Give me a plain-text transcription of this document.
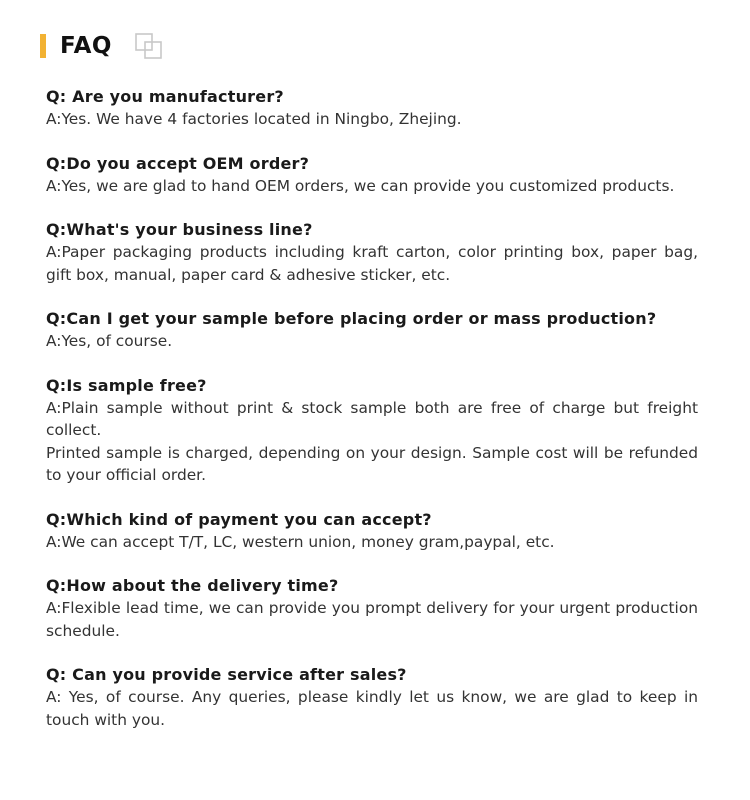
FAQ
Q: Are you manufacturer?

A:Yes. We have 4 factories located in Ningbo, Zhejing.

Q:Do you accept OEM order?

A:Yes, we are glad to hand OEM orders, we can provide you customized products.

Q:What's your business line?

A:Paper packaging products including kraft carton, color printing box, paper bag, gift box, manual, paper card & adhesive sticker, etc.

Q:Can I get your sample before placing order or mass production?

A:Yes, of course.

Q:Is sample free?

A:Plain sample without print & stock sample both are free of charge but freight collect.

Printed sample is charged, depending on your design. Sample cost will be refunded to your official order.

Q:Which kind of payment you can accept?

A:We can accept T/T, LC, western union, money gram,paypal, etc.

Q:How about the delivery time?

A:Flexible lead time, we can provide you prompt delivery for your urgent production schedule.

Q: Can you provide service after sales?

A: Yes, of course. Any queries, please kindly let us know, we are glad to keep in touch with you.
